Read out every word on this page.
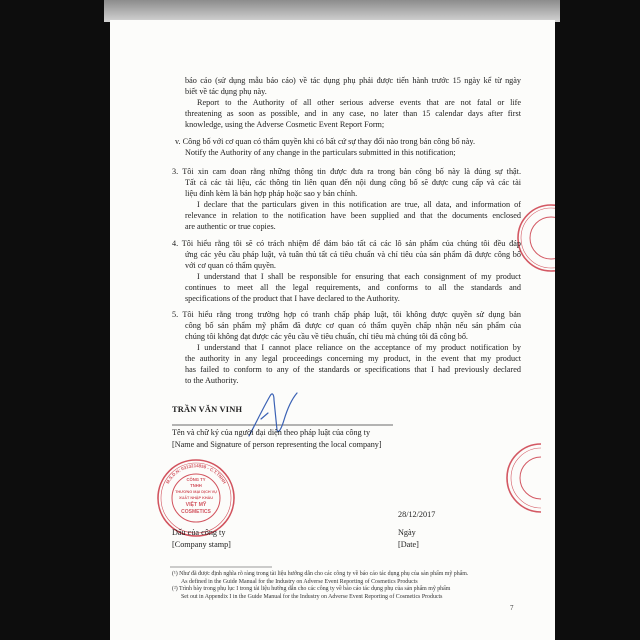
báo cáo (sử dụng mẫu báo cáo) về tác dụng phụ phải được tiến hành trước 15 ngày kể từ ngày
biết về tác dụng phụ này.
Report to the Authority of all other serious adverse events that are not fatal or life
threatening as soon as possible, and in any case, no later than 15 calendar days after first
knowledge, using the Adverse Cosmetic Event Report Form;
v. Công bố với cơ quan có thẩm quyền khi có bất cứ sự thay đổi nào trong bản công bố này.
Notify the Authority of any change in the particulars submitted in this notification;
3. Tôi xin cam đoan rằng những thông tin được đưa ra trong bản công bố này là đúng sự thật.
Tất cả các tài liệu, các thông tin liên quan đến nội dung công bố sẽ được cung cấp và các tài
liệu đính kèm là bản hợp pháp hoặc sao y bản chính.
I declare that the particulars given in this notification are true, all data, and information of
relevance in relation to the notification have been supplied and that the documents enclosed
are authentic or true copies.
4. Tôi hiểu rằng tôi sẽ có trách nhiệm để đảm bảo tất cả các lô sản phẩm của chúng tôi đều đáp
ứng các yêu cầu pháp luật, và tuân thủ tất cả tiêu chuẩn và chỉ tiêu của sản phẩm đã được công bố
với cơ quan có thẩm quyền.
I understand that I shall be responsible for ensuring that each consignment of my product
continues to meet all the legal requirements, and conforms to all the standards and
specifications of the product that I have declared to the Authority.
5. Tôi hiểu rằng trong trường hợp có tranh chấp pháp luật, tôi không được quyền sử dụng bản
công bố sản phẩm mỹ phẩm đã được cơ quan có thẩm quyền chấp nhận nếu sản phẩm của
chúng tôi không đạt được các yêu cầu về tiêu chuẩn, chỉ tiêu mà chúng tôi đã công bố.
I understand that I cannot place reliance on the acceptance of my product notification by
the authority in any legal proceedings concerning my product, in the event that my product
has failed to conform to any of the standards or specifications that I had previously declared
to the Authority.
TRẦN VĂN VINH
Tên và chữ ký của người đại diện theo pháp luật của công ty
[Name and Signature of person representing the local company]
28/12/2017
Ngày
[Date]
Dấu của công ty
[Company stamp]
(¹) Như đã được định nghĩa rõ ràng trong tài liệu hướng dẫn cho các công ty về báo cáo tác dụng phụ của sản phẩm mỹ phẩm.
As defined in the Guide Manual for the Industry on Adverse Event Reporting of Cosmetics Products
(²) Trình bày trong phụ lục I trong tài liệu hướng dẫn cho các công ty về báo cáo tác dụng phụ của sản phẩm mỹ phẩm
Set out in Appendix I in the Guide Manual for the Industry on Adverse Event Reporting of Cosmetics Products
7
M.S.D.N: 0313214859 - C.T.TNHH
CÔNG TY
TNHH
THƯƠNG MẠI DỊCH VỤ
XUẤT NHẬP KHẨU
VIỆT MỸ
COSMETICS
